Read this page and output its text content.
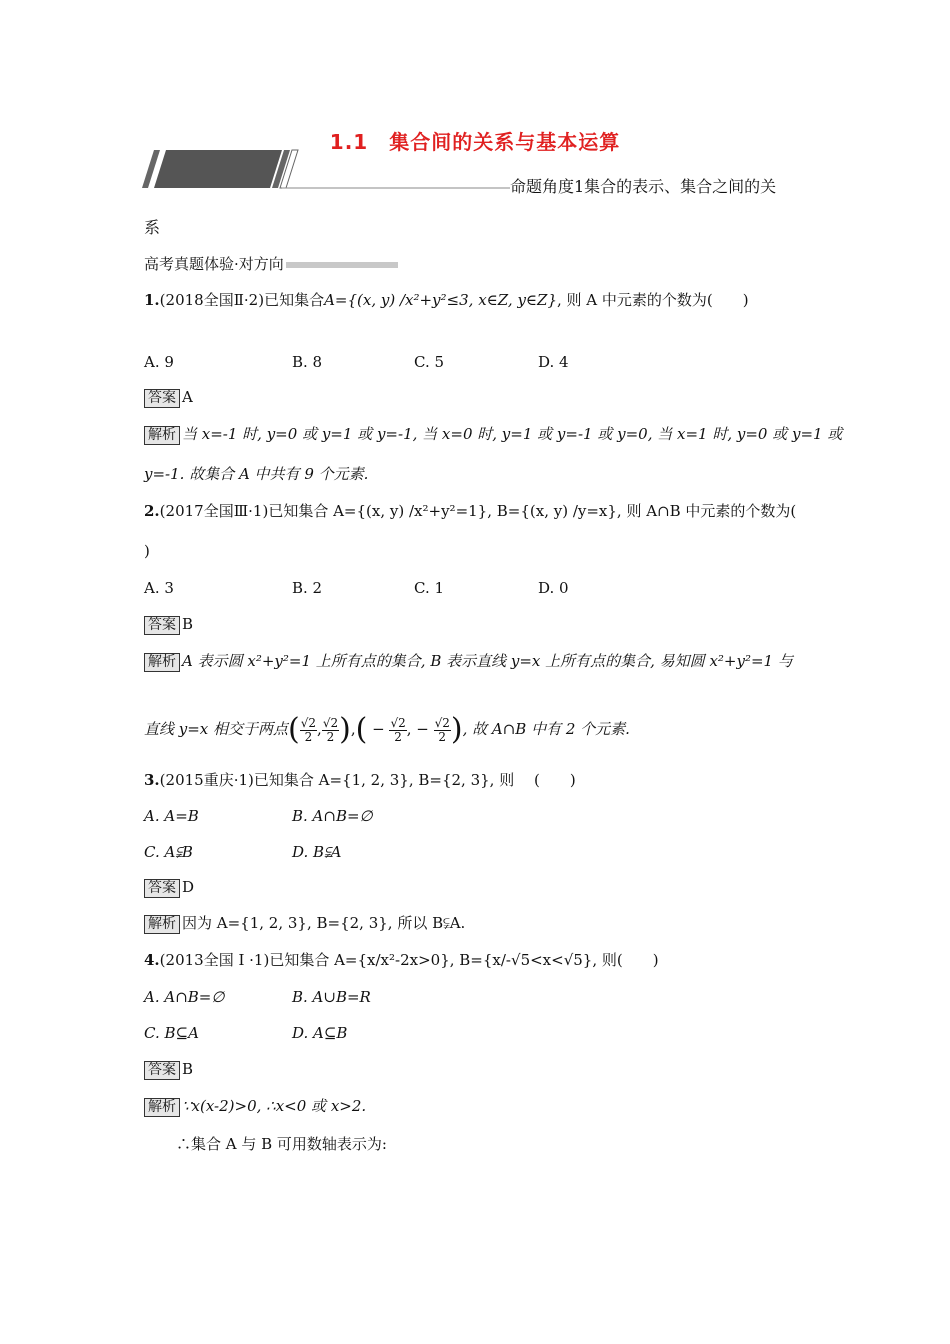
1.1　集合间的关系与基本运算
命题角度1集合的表示、集合之间的关
系
高考真题体验·对方向
1.(2018全国Ⅱ·2)已知集合A={(x, y) /x²+y²≤3, x∈Z, y∈Z}, 则 A 中元素的个数为(　　)
A. 9	B. 8	C. 5	D. 4
答案 A
解析 当 x=-1 时, y=0 或 y=1 或 y=-1, 当 x=0 时, y=1 或 y=-1 或 y=0, 当 x=1 时, y=0 或 y=1 或
y=-1. 故集合 A 中共有 9 个元素.
2.(2017全国Ⅲ·1)已知集合 A={(x, y) /x²+y²=1}, B={(x, y) /y=x}, 则 A∩B 中元素的个数为(
)
A. 3	B. 2	C. 1	D. 0
答案 B
解析 A 表示圆 x²+y²=1 上所有点的集合, B 表示直线 y=x 上所有点的集合, 易知圆 x²+y²=1 与
直线 y=x 相交于两点( $\frac{√2}{2}$ , $\frac{√2}{2}$ ),( − $\frac{√2}{2}$ , − $\frac{√2}{2}$ ), 故 A∩B 中有 2 个元素.
3.(2015重庆·1)已知集合 A={1, 2, 3}, B={2, 3}, 则　 (　　)
A. A=B	B. A∩B=∅
C. A⫋B	D. B⫋A
答案 D
解析 因为 A={1, 2, 3}, B={2, 3}, 所以 B⫋A.
4.(2013全国 Ⅰ ·1)已知集合 A={x/x²-2x>0}, B={x/-√5<x<√5}, 则(　　)
A. A∩B=∅	B. A∪B=R
C. B⊆A	D. A⊆B
答案 B
解析 ∵x(x-2)>0, ∴x<0 或 x>2.
∴集合 A 与 B 可用数轴表示为:
